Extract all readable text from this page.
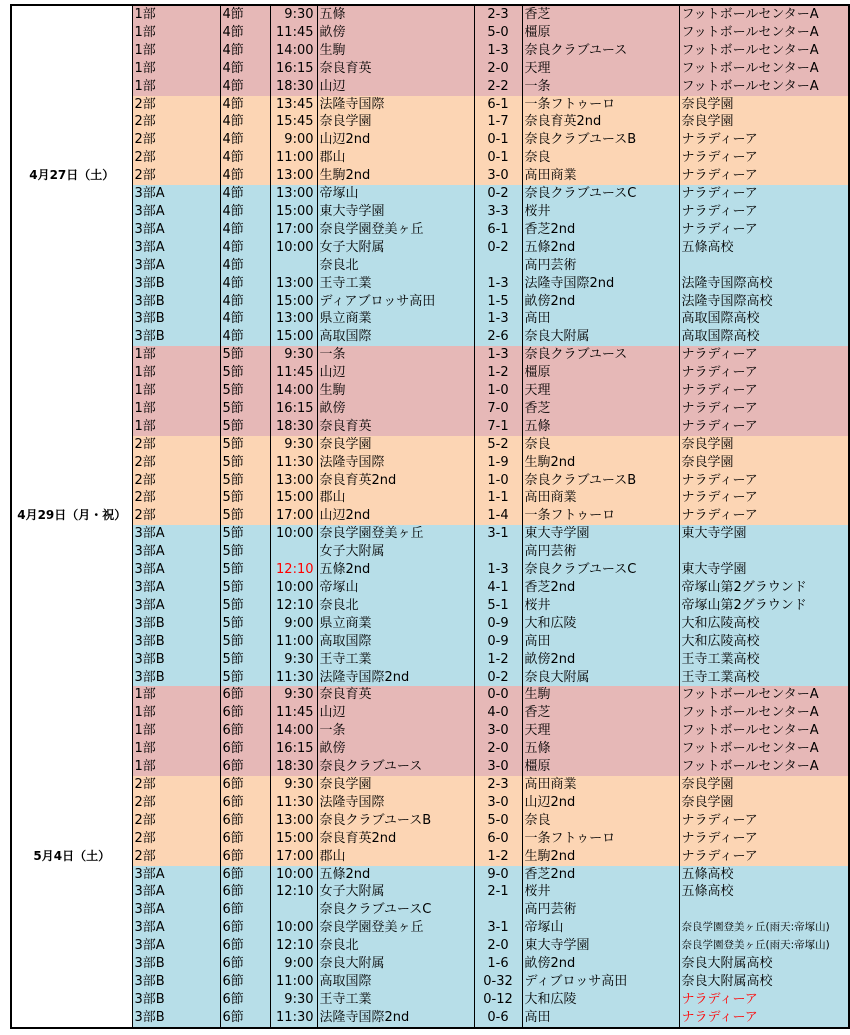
4月27日（土）	1部	4節	9:30	五條	2-3	香芝	フットボールセンターA
	1部	4節	11:45	畝傍	5-0	橿原	フットボールセンターA
	1部	4節	14:00	生駒	1-3	奈良クラブユース	フットボールセンターA
	1部	4節	16:15	奈良育英	2-0	天理	フットボールセンターA
	1部	4節	18:30	山辺	2-2	一条	フットボールセンターA
	2部	4節	13:45	法隆寺国際	6-1	一条フトゥーロ	奈良学園
	2部	4節	15:45	奈良学園	1-7	奈良育英2nd	奈良学園
	2部	4節	9:00	山辺2nd	0-1	奈良クラブユースB	ナラディーア
	2部	4節	11:00	郡山	0-1	奈良	ナラディーア
	2部	4節	13:00	生駒2nd	3-0	高田商業	ナラディーア
	3部A	4節	13:00	帝塚山	0-2	奈良クラブユースC	ナラディーア
	3部A	4節	15:00	東大寺学園	3-3	桜井	ナラディーア
	3部A	4節	17:00	奈良学園登美ヶ丘	6-1	香芝2nd	ナラディーア
	3部A	4節	10:00	女子大附属	0-2	五條2nd	五條高校
	3部A	4節		奈良北		高円芸術	
	3部B	4節	13:00	王寺工業	1-3	法隆寺国際2nd	法隆寺国際高校
	3部B	4節	15:00	ディアブロッサ高田	1-5	畝傍2nd	法隆寺国際高校
	3部B	4節	13:00	県立商業	1-3	高田	高取国際高校
	3部B	4節	15:00	高取国際	2-6	奈良大附属	高取国際高校
4月29日（月・祝）	1部	5節	9:30	一条	1-3	奈良クラブユース	ナラディーア
	1部	5節	11:45	山辺	1-2	橿原	ナラディーア
	1部	5節	14:00	生駒	1-0	天理	ナラディーア
	1部	5節	16:15	畝傍	7-0	香芝	ナラディーア
	1部	5節	18:30	奈良育英	7-1	五條	ナラディーア
	2部	5節	9:30	奈良学園	5-2	奈良	奈良学園
	2部	5節	11:30	法隆寺国際	1-9	生駒2nd	奈良学園
	2部	5節	13:00	奈良育英2nd	1-0	奈良クラブユースB	ナラディーア
	2部	5節	15:00	郡山	1-1	高田商業	ナラディーア
	2部	5節	17:00	山辺2nd	1-4	一条フトゥーロ	ナラディーア
	3部A	5節	10:00	奈良学園登美ヶ丘	3-1	東大寺学園	東大寺学園
	3部A	5節		女子大附属		高円芸術	
	3部A	5節	12:10	五條2nd	1-3	奈良クラブユースC	東大寺学園
	3部A	5節	10:00	帝塚山	4-1	香芝2nd	帝塚山第2グラウンド
	3部A	5節	12:10	奈良北	5-1	桜井	帝塚山第2グラウンド
	3部B	5節	9:00	県立商業	0-9	大和広陵	大和広陵高校
	3部B	5節	11:00	高取国際	0-9	高田	大和広陵高校
	3部B	5節	9:30	王寺工業	1-2	畝傍2nd	王寺工業高校
	3部B	5節	11:30	法隆寺国際2nd	0-2	奈良大附属	王寺工業高校
5月4日（土）	1部	6節	9:30	奈良育英	0-0	生駒	フットボールセンターA
	1部	6節	11:45	山辺	4-0	香芝	フットボールセンターA
	1部	6節	14:00	一条	3-0	天理	フットボールセンターA
	1部	6節	16:15	畝傍	2-0	五條	フットボールセンターA
	1部	6節	18:30	奈良クラブユース	3-0	橿原	フットボールセンターA
	2部	6節	9:30	奈良学園	2-3	高田商業	奈良学園
	2部	6節	11:30	法隆寺国際	3-0	山辺2nd	奈良学園
	2部	6節	13:00	奈良クラブユースB	5-0	奈良	ナラディーア
	2部	6節	15:00	奈良育英2nd	6-0	一条フトゥーロ	ナラディーア
	2部	6節	17:00	郡山	1-2	生駒2nd	ナラディーア
	3部A	6節	10:00	五條2nd	9-0	香芝2nd	五條高校
	3部A	6節	12:10	女子大附属	2-1	桜井	五條高校
	3部A	6節		奈良クラブユースC		高円芸術	
	3部A	6節	10:00	奈良学園登美ヶ丘	3-1	帝塚山	奈良学園登美ヶ丘(雨天:帝塚山)
	3部A	6節	12:10	奈良北	2-0	東大寺学園	奈良学園登美ヶ丘(雨天:帝塚山)
	3部B	6節	9:00	奈良大附属	1-6	畝傍2nd	奈良大附属高校
	3部B	6節	11:00	高取国際	0-32	ディブロッサ高田	奈良大附属高校
	3部B	6節	9:30	王寺工業	0-12	大和広陵	ナラディーア
	3部B	6節	11:30	法隆寺国際2nd	0-6	高田	ナラディーア
